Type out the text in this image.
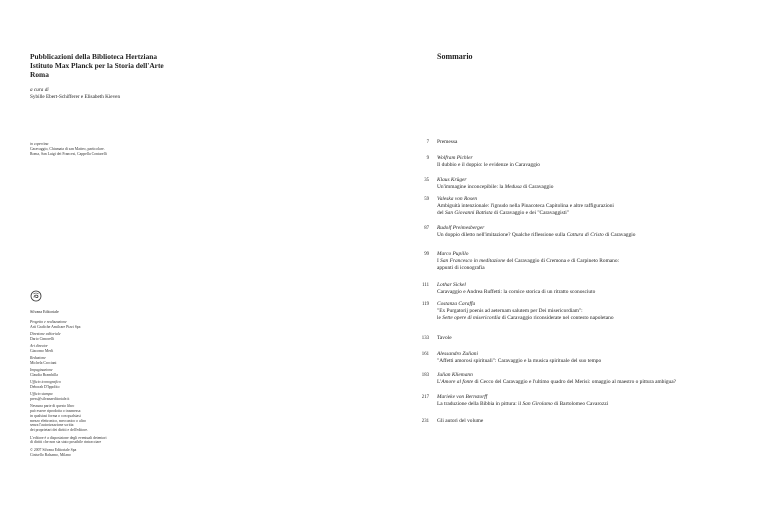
Pubblicazioni della Biblioteca Hertziana
Istituto Max Planck per la Storia dell'Arte
Roma
a cura di
Sybille Ebert-Schifferer e Elisabeth Kieven
in copertina
Caravaggio, Chiamata di san Matteo, particolare.
Roma, San Luigi dei Francesi, Cappella Contarelli
Silvana Editoriale
Progetto e realizzazione
Arti Grafiche Amilcare Pizzi Spa
Direzione editoriale
Dario Cimorelli
Art director
Giacomo Merli
Redazione
Michela Crociani
Impaginazione
Claudia Brambilla
Ufficio iconografico
Deborah D'Ippolito
Ufficio stampa
press@silvanaeditoriale.it
Nessuna parte di questo libro
può essere riprodotta o trasmessa
in qualsiasi forma o con qualsiasi
mezzo elettronico, meccanico o altro
senza l'autorizzazione scritta
dei proprietari dei diritti e dell'editore.
L'editore è a disposizione degli eventuali detentori
di diritti che non sia stato possibile rintracciare
© 2007 Silvana Editoriale Spa
Cinisello Balsamo, Milano
Sommario
7 Premessa
9 Wolfram Pichler
Il dubbio e il doppio: le evidenze in Caravaggio
35 Klaus Krüger
Un'immagine inconcepibile: la Medusa di Caravaggio
59 Valeska von Rosen
Ambiguità intenzionale: l'ignudo nella Pinacoteca Capitolina e altre raffigurazioni
del San Giovanni Battista di Caravaggio e dei "Caravaggisti"
87 Rudolf Preimesberger
Un doppio diletto nell'imitazione? Qualche riflessione sulla Cattura di Cristo di Caravaggio
99 Marco Pupillo
I San Francesco in meditazione del Caravaggio di Cremona e di Carpineto Romano:
appunti di iconografia
111 Lothar Sickel
Caravaggio e Andrea Ruffetti: la cornice storica di un ritratto sconosciuto
119 Costanza Caraffa
"Ex Purgatorij poenis ad aeternam salutem per Dei misericordiam":
le Sette opere di misericordia di Caravaggio riconsiderate nel contesto napoletano
133 Tavole
161 Alessandro Zuliani
"Affetti amorosi spirituali": Caravaggio e la musica spirituale del suo tempo
183 Julian Kliemann
L'Amore al fonte di Cecco del Caravaggio e l'ultimo quadro del Merisi: omaggio al maestro o pittura ambigua?
217 Marieke von Bernstorff
La traduzione della Bibbia in pittura: il San Girolamo di Bartolomeo Cavarozzi
231 Gli autori del volume
